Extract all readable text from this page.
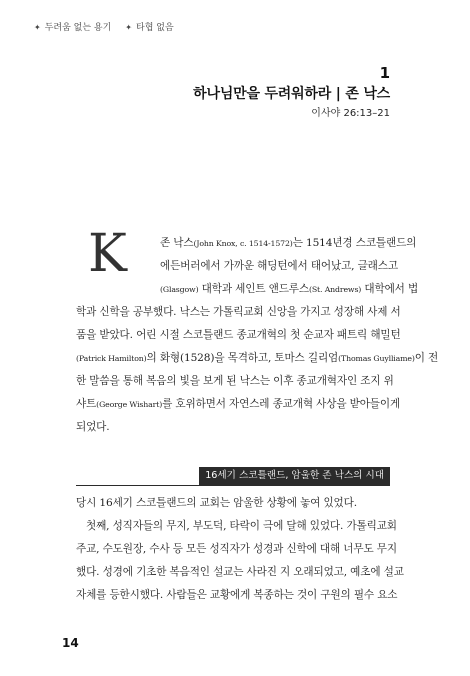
✦ 두려움 없는 용기 ✦ 타협 없음
1
하나님만을 두려워하라 | 존 낙스
이사야 26:13–21
K	존 낙스(John Knox, c. 1514-1572)는 1514년경 스코틀랜드의
에든버러에서 가까운 해딩턴에서 태어났고, 글래스고
(Glasgow) 대학과 세인트 앤드루스(St. Andrews) 대학에서 법
학과 신학을 공부했다. 낙스는 가톨릭교회 신앙을 가지고 성장해 사제 서
품을 받았다. 어린 시절 스코틀랜드 종교개혁의 첫 순교자 패트릭 해밀턴
(Patrick Hamilton)의 화형(1528)을 목격하고, 토마스 길리엄(Thomas Guylliame)이 전
한 말씀을 통해 복음의 빛을 보게 된 낙스는 이후 종교개혁자인 조지 위
샤트(George Wishart)를 호위하면서 자연스레 종교개혁 사상을 받아들이게
되었다.
16세기 스코틀랜드, 암울한 존 낙스의 시대
당시 16세기 스코틀랜드의 교회는 암울한 상황에 놓여 있었다.
첫째, 성직자들의 무지, 부도덕, 타락이 극에 달해 있었다. 가톨릭교회
주교, 수도원장, 수사 등 모든 성직자가 성경과 신학에 대해 너무도 무지
했다. 성경에 기초한 복음적인 설교는 사라진 지 오래되었고, 예초에 설교
자체를 등한시했다. 사람들은 교황에게 복종하는 것이 구원의 필수 요소
14
